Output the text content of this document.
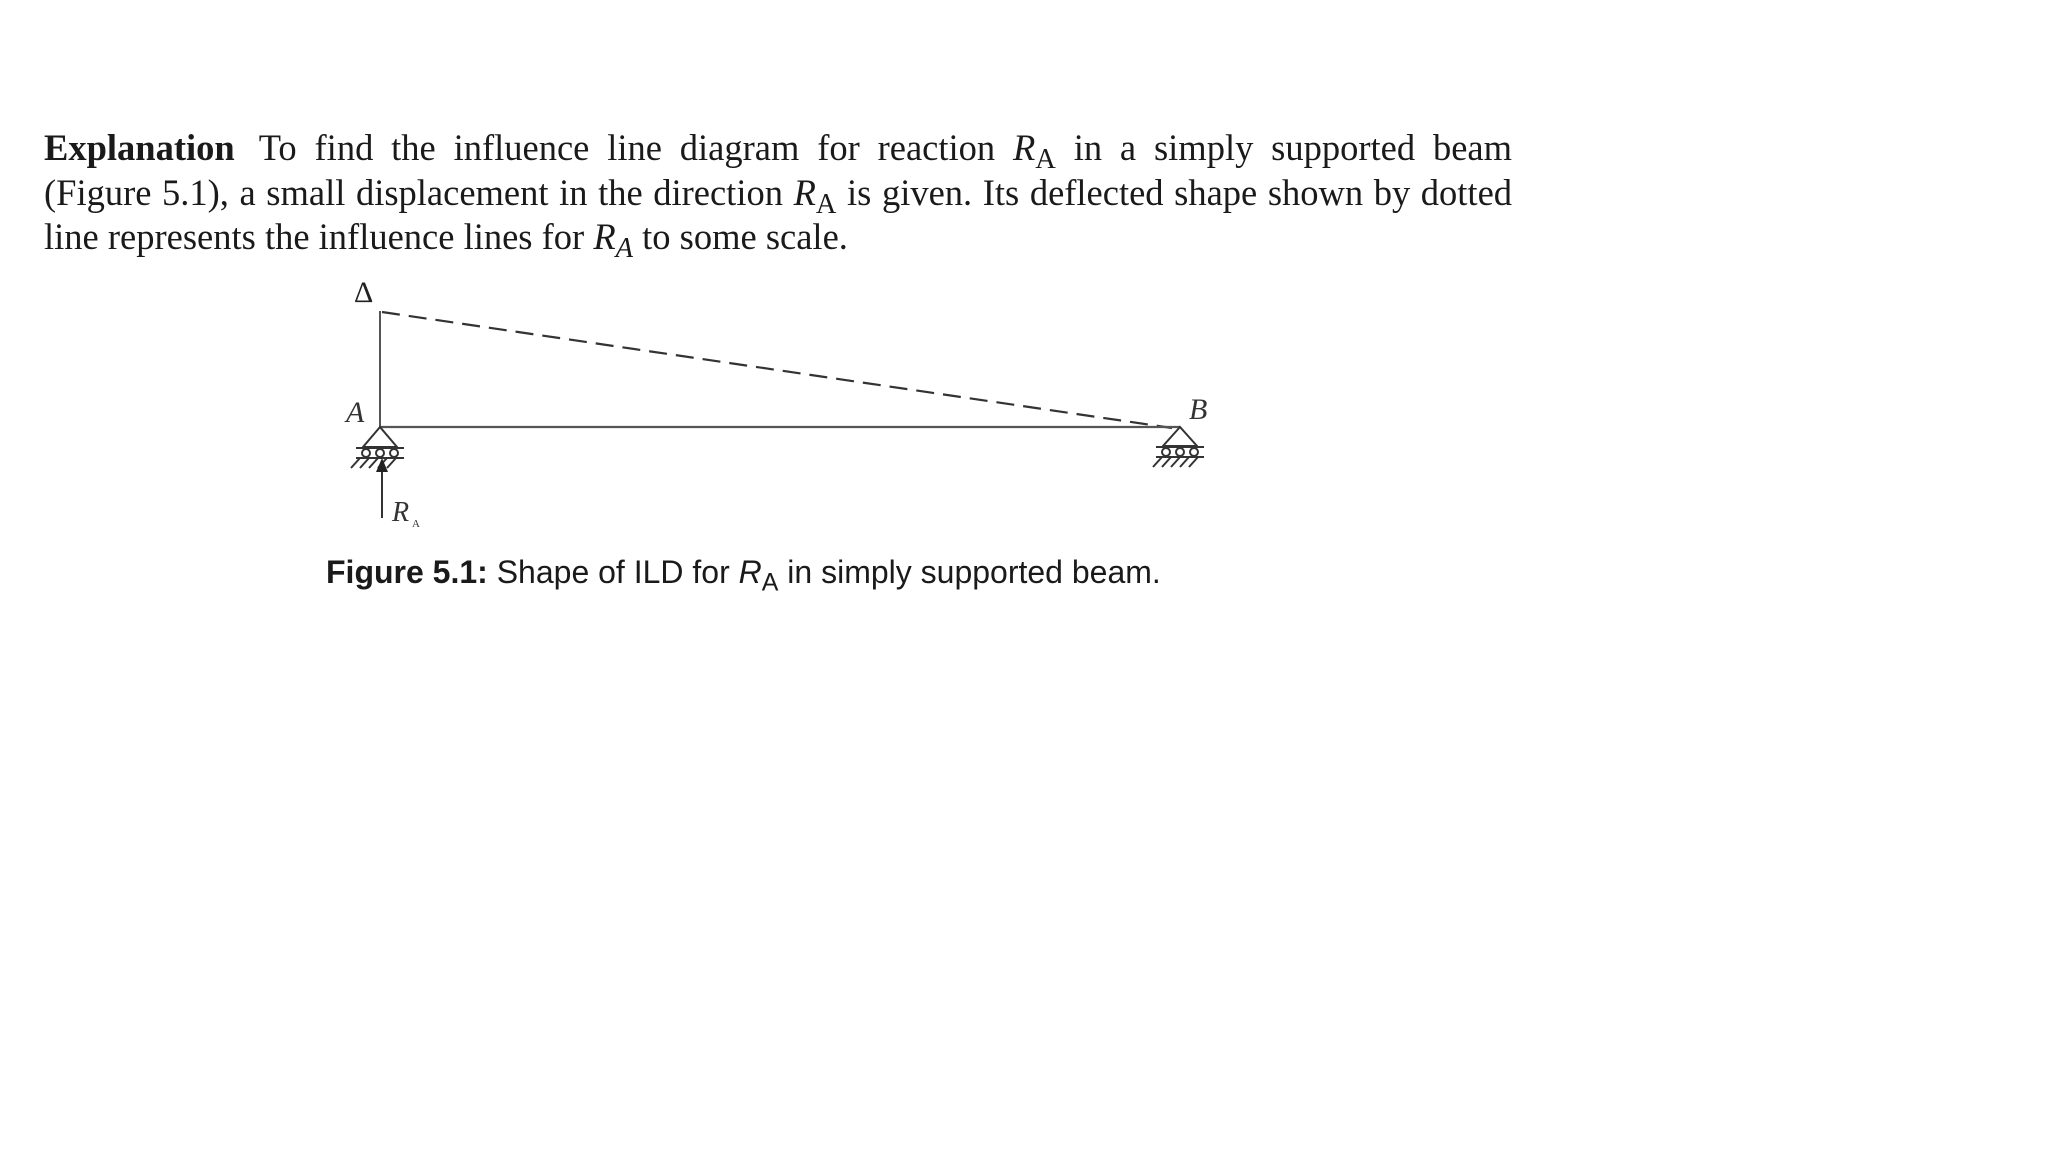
Explanation To find the influence line diagram for reaction $R_A$ in a simply supported beam (Figure 5.1), a small displacement in the direction $R_A$ is given. Its deflected shape shown by dotted line represents the influence lines for $R_A$ to some scale.

Δ
A	B
R A

Figure 5.1: Shape of ILD for $R_A$ in simply supported beam.
